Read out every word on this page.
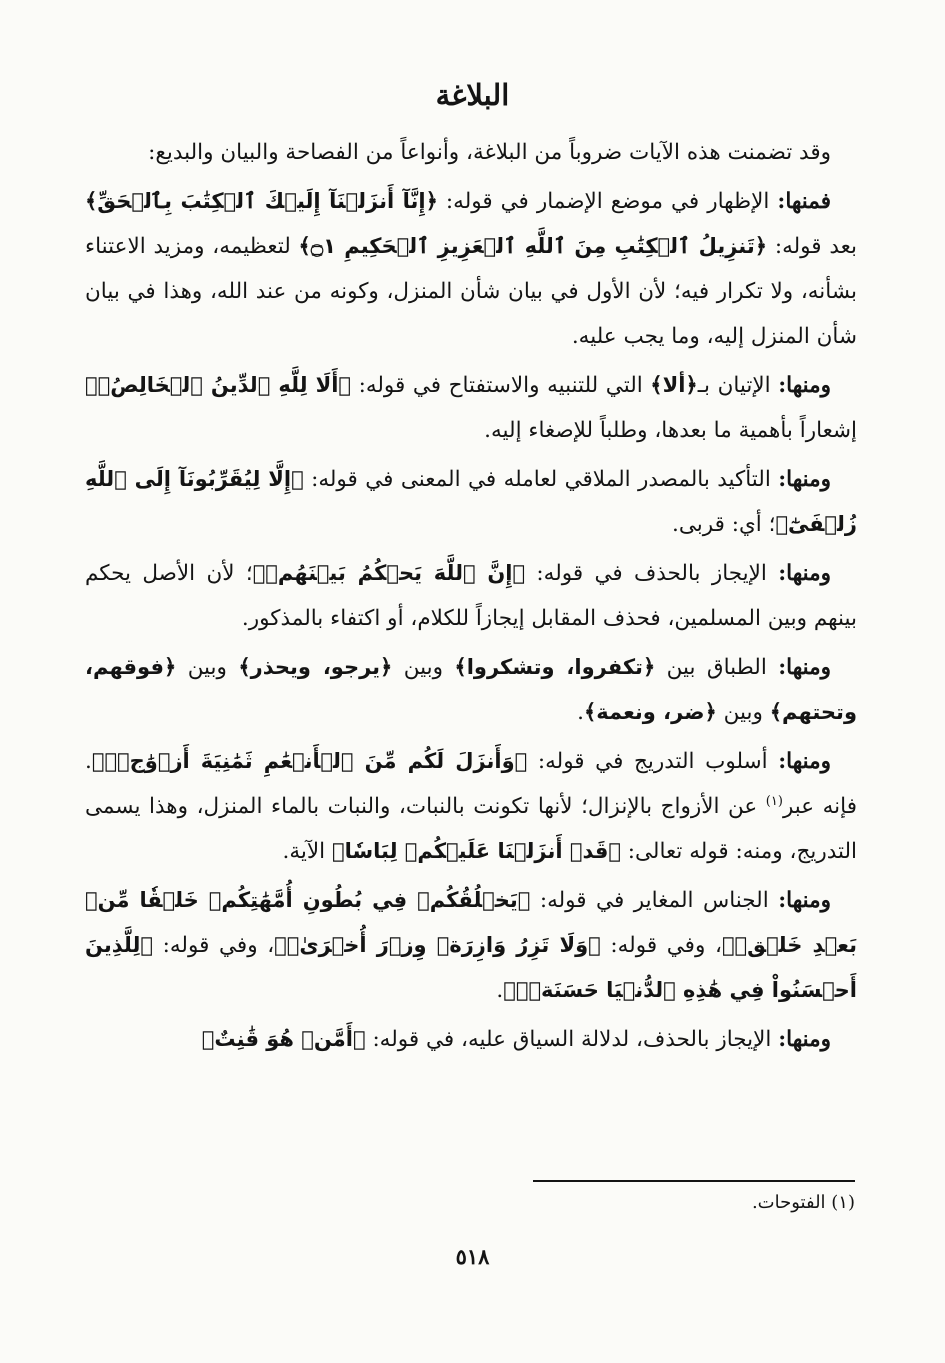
البلاغة

وقد تضمنت هذه الآيات ضروباً من البلاغة، وأنواعاً من الفصاحة والبيان والبديع:

فمنها: الإظهار في موضع الإضمار في قوله: ﴿إِنَّآ أَنزَلۡنَآ إِلَيۡكَ ٱلۡكِتَٰبَ بِٱلۡحَقِّ﴾ بعد قوله: ﴿تَنزِيلُ ٱلۡكِتَٰبِ مِنَ ٱللَّهِ ٱلۡعَزِيزِ ٱلۡحَكِيمِ ۝١﴾ لتعظيمه، ومزيد الاعتناء بشأنه، ولا تكرار فيه؛ لأن الأول في بيان شأن المنزل، وكونه من عند الله، وهذا في بيان شأن المنزل إليه، وما يجب عليه.

ومنها: الإتيان بـ﴿ألا﴾ التي للتنبيه والاستفتاح في قوله: ﴿أَلَا لِلَّهِ ٱلدِّينُ ٱلۡخَالِصُۚ﴾ إشعاراً بأهمية ما بعدها، وطلباً للإصغاء إليه.

ومنها: التأكيد بالمصدر الملاقي لعامله في المعنى في قوله: ﴿إِلَّا لِيُقَرِّبُونَآ إِلَى ٱللَّهِ زُلۡفَىٰٓ﴾؛ أي: قربى.

ومنها: الإيجاز بالحذف في قوله: ﴿إِنَّ ٱللَّهَ يَحۡكُمُ بَيۡنَهُمۡ﴾؛ لأن الأصل يحكم بينهم وبين المسلمين، فحذف المقابل إيجازاً للكلام، أو اكتفاء بالمذكور.

ومنها: الطباق بين ﴿تكفروا، وتشكروا﴾ وبين ﴿يرجو، ويحذر﴾ وبين ﴿فوقهم، وتحتهم﴾ وبين ﴿ضر، ونعمة﴾.

ومنها: أسلوب التدريج في قوله: ﴿وَأَنزَلَ لَكُم مِّنَ ٱلۡأَنۡعَٰمِ ثَمَٰنِيَةَ أَزۡوَٰجٖۚ﴾. فإنه عبر$^{(١)}$ عن الأزواج بالإنزال؛ لأنها تكونت بالنبات، والنبات بالماء المنزل، وهذا يسمى التدريج، ومنه: قوله تعالى: ﴿قَدۡ أَنزَلۡنَا عَلَيۡكُمۡ لِبَاسٗا﴾ الآية.

ومنها: الجناس المغاير في قوله: ﴿يَخۡلُقُكُمۡ فِي بُطُونِ أُمَّهَٰتِكُمۡ خَلۡقٗا مِّنۢ بَعۡدِ خَلۡقٖ﴾، وفي قوله: ﴿وَلَا تَزِرُ وَازِرَةٞ وِزۡرَ أُخۡرَىٰۚ﴾، وفي قوله: ﴿لِلَّذِينَ أَحۡسَنُواْ فِي هَٰذِهِ ٱلدُّنۡيَا حَسَنَةٞۗ﴾.

ومنها: الإيجاز بالحذف، لدلالة السياق عليه، في قوله: ﴿أَمَّنۡ هُوَ قَٰنِتٌ﴾

(١) الفتوحات.

٥١٨
